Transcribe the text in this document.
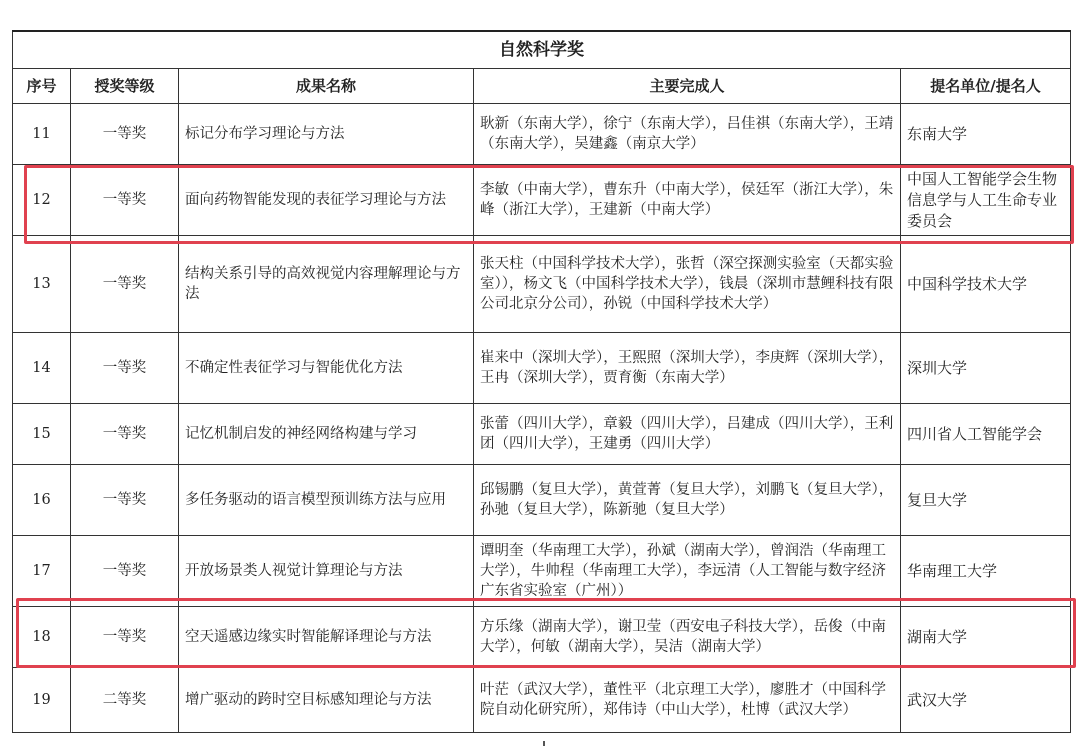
自然科学奖				
序号	授奖等级	成果名称	主要完成人	提名单位/提名人
11	一等奖	标记分布学习理论与方法	耿新（东南大学），徐宁（东南大学），吕佳祺（东南大学），王靖（东南大学），吴建鑫（南京大学）	东南大学
12	一等奖	面向药物智能发现的表征学习理论与方法	李敏（中南大学），曹东升（中南大学），侯廷军（浙江大学），朱峰（浙江大学），王建新（中南大学）	中国人工智能学会生物信息学与人工生命专业委员会
13	一等奖	结构关系引导的高效视觉内容理解理论与方法	张天柱（中国科学技术大学），张哲（深空探测实验室（天都实验室）），杨文飞（中国科学技术大学），钱晨（深圳市慧鲤科技有限公司北京分公司），孙锐（中国科学技术大学）	中国科学技术大学
14	一等奖	不确定性表征学习与智能优化方法	崔来中（深圳大学），王熙照（深圳大学），李庚辉（深圳大学），王冉（深圳大学），贾育衡（东南大学）	深圳大学
15	一等奖	记忆机制启发的神经网络构建与学习	张蕾（四川大学），章毅（四川大学），吕建成（四川大学），王利团（四川大学），王建勇（四川大学）	四川省人工智能学会
16	一等奖	多任务驱动的语言模型预训练方法与应用	邱锡鹏（复旦大学），黄萱菁（复旦大学），刘鹏飞（复旦大学），孙驰（复旦大学），陈新驰（复旦大学）	复旦大学
17	一等奖	开放场景类人视觉计算理论与方法	谭明奎（华南理工大学），孙斌（湖南大学），曾润浩（华南理工大学），牛帅程（华南理工大学），李远清（人工智能与数字经济广东省实验室（广州））	华南理工大学
18	一等奖	空天遥感边缘实时智能解译理论与方法	方乐缘（湖南大学），谢卫莹（西安电子科技大学），岳俊（中南大学），何敏（湖南大学），吴洁（湖南大学）	湖南大学
19	二等奖	增广驱动的跨时空目标感知理论与方法	叶茫（武汉大学），董性平（北京理工大学），廖胜才（中国科学院自动化研究所），郑伟诗（中山大学），杜博（武汉大学）	武汉大学
